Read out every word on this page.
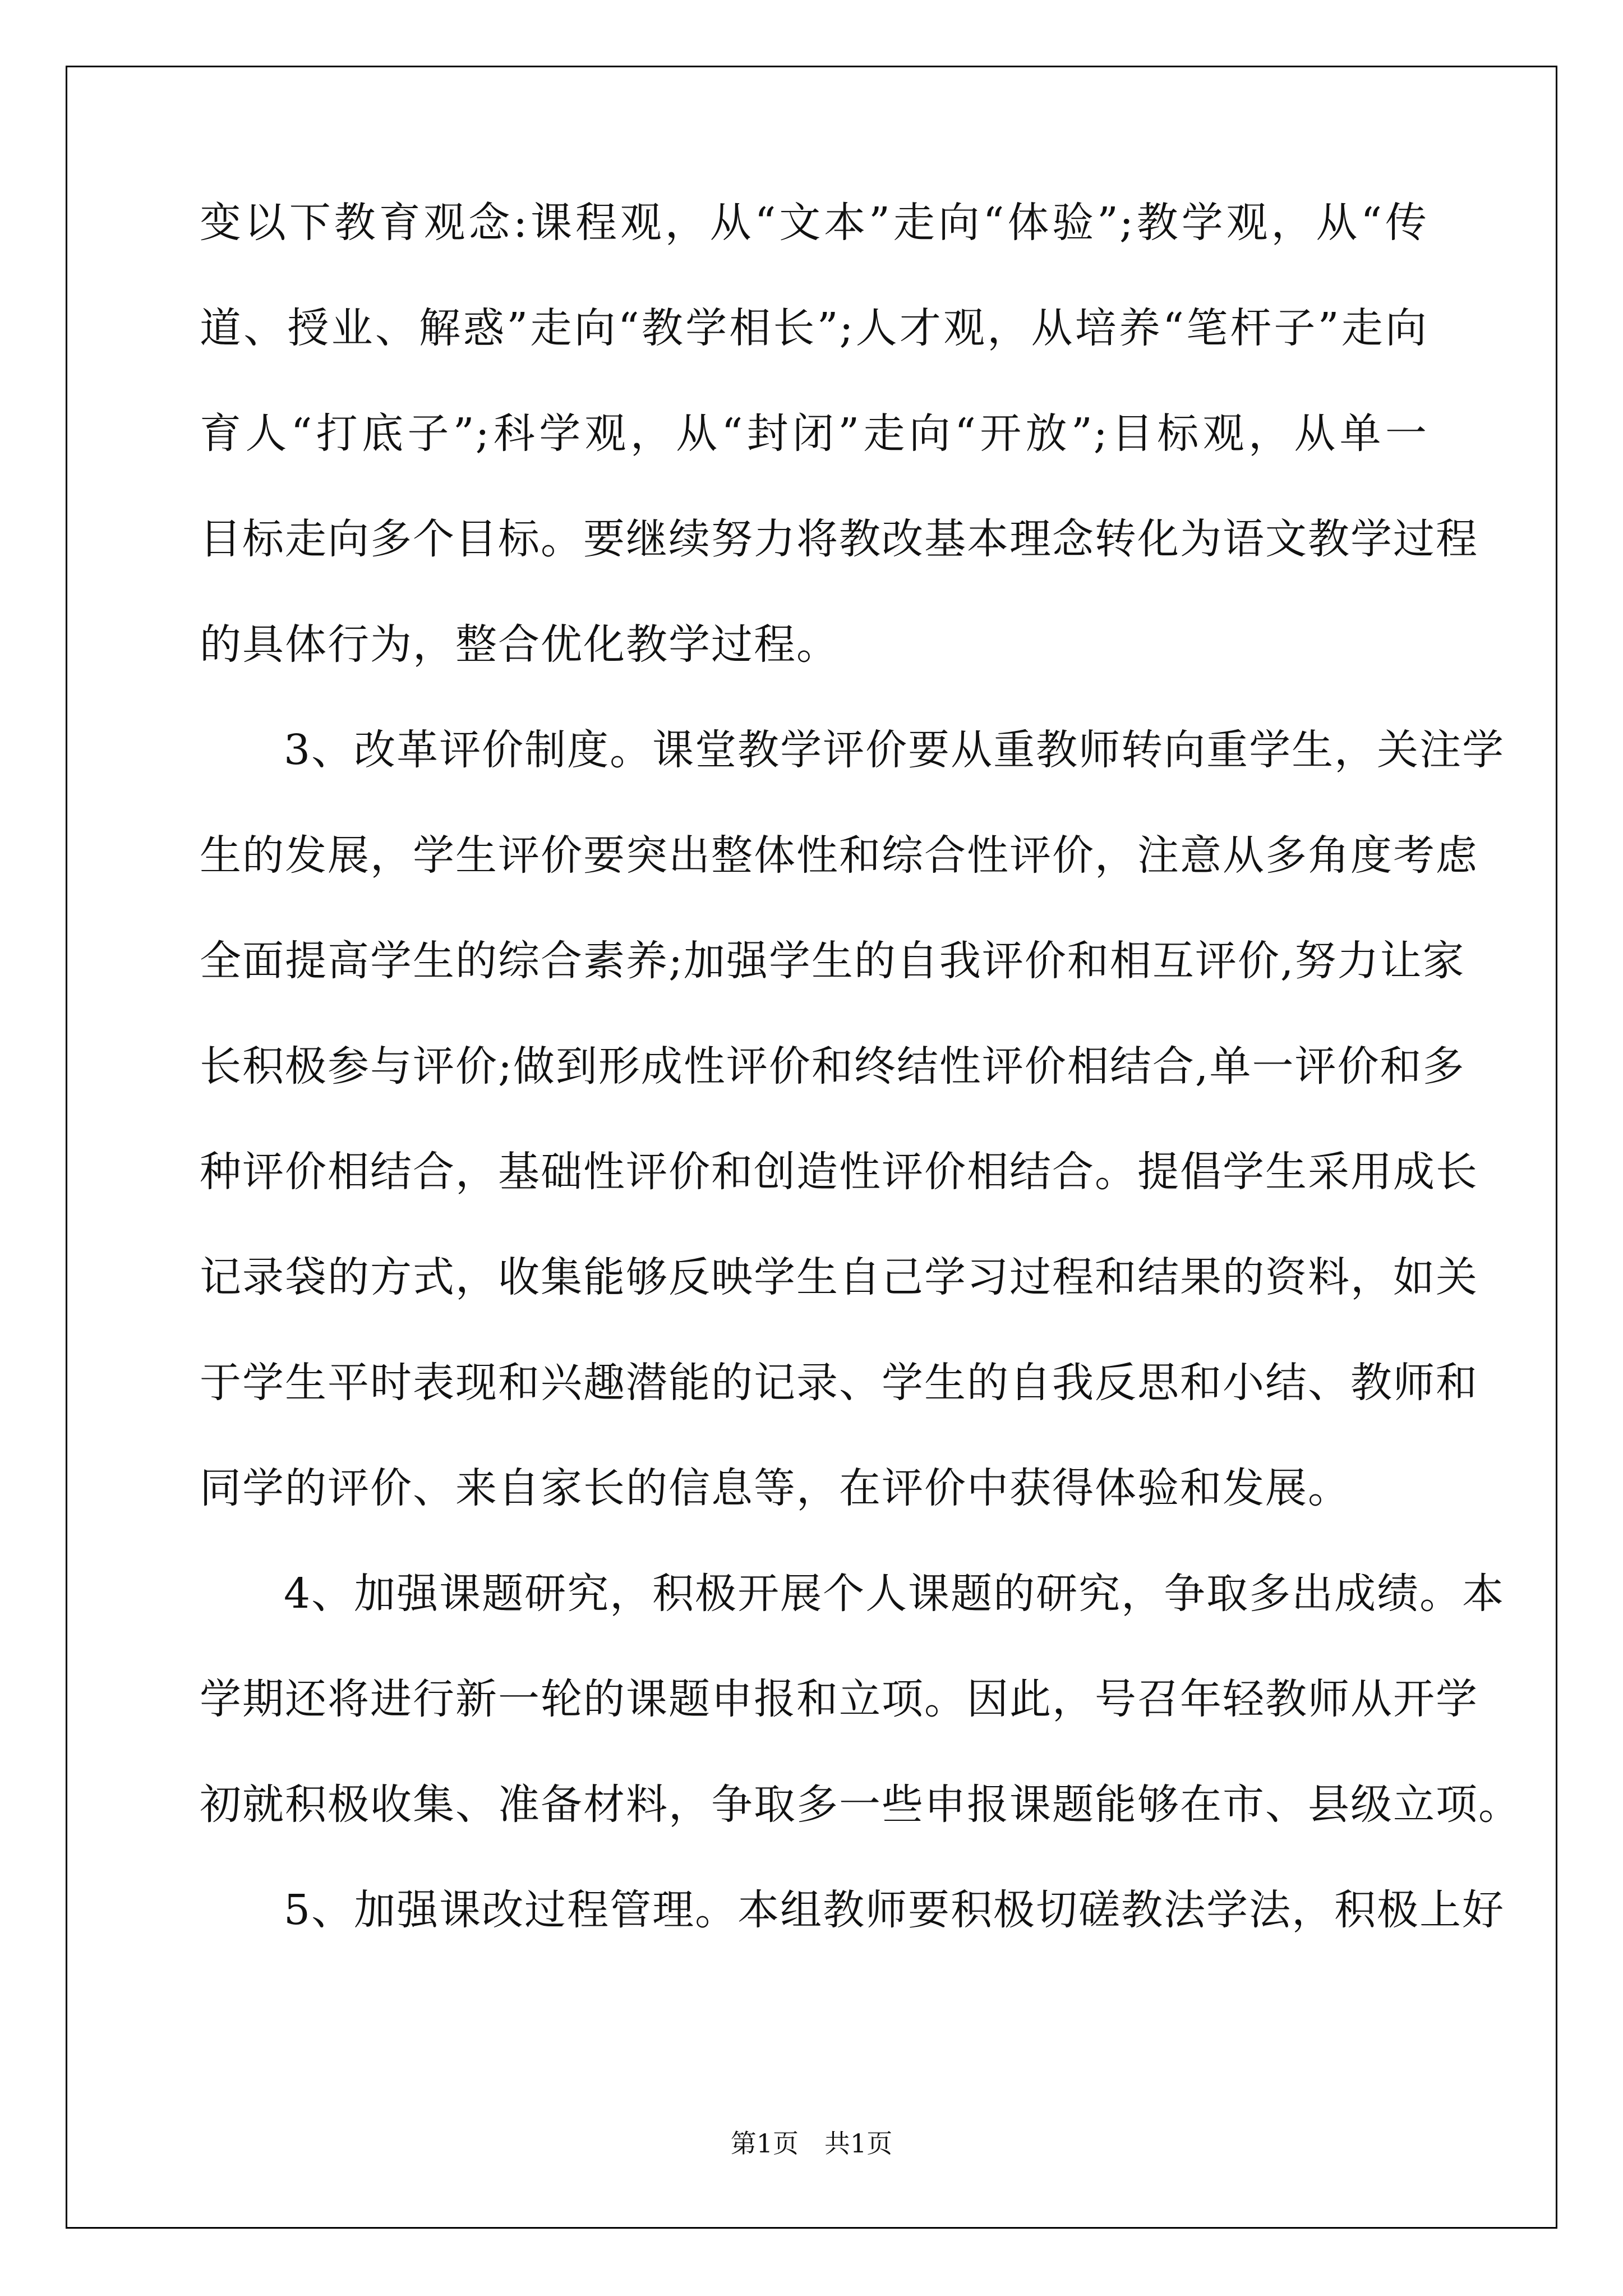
变以下教育观念:课程观，从“文本”走向“体验”;教学观，从“传
道、授业、解惑”走向“教学相长”;人才观，从培养“笔杆子”走向
育人“打底子”;科学观，从“封闭”走向“开放”;目标观，从单一
目标走向多个目标。要继续努力将教改基本理念转化为语文教学过程
的具体行为，整合优化教学过程。
3、改革评价制度。课堂教学评价要从重教师转向重学生，关注学
生的发展，学生评价要突出整体性和综合性评价，注意从多角度考虑
全面提高学生的综合素养;加强学生的自我评价和相互评价,努力让家
长积极参与评价;做到形成性评价和终结性评价相结合,单一评价和多
种评价相结合，基础性评价和创造性评价相结合。提倡学生采用成长
记录袋的方式，收集能够反映学生自己学习过程和结果的资料，如关
于学生平时表现和兴趣潜能的记录、学生的自我反思和小结、教师和
同学的评价、来自家长的信息等，在评价中获得体验和发展。
4、加强课题研究，积极开展个人课题的研究，争取多出成绩。本
学期还将进行新一轮的课题申报和立项。因此，号召年轻教师从开学
初就积极收集、准备材料，争取多一些申报课题能够在市、县级立项。
5、加强课改过程管理。本组教师要积极切磋教法学法，积极上好
第1页　共1页
